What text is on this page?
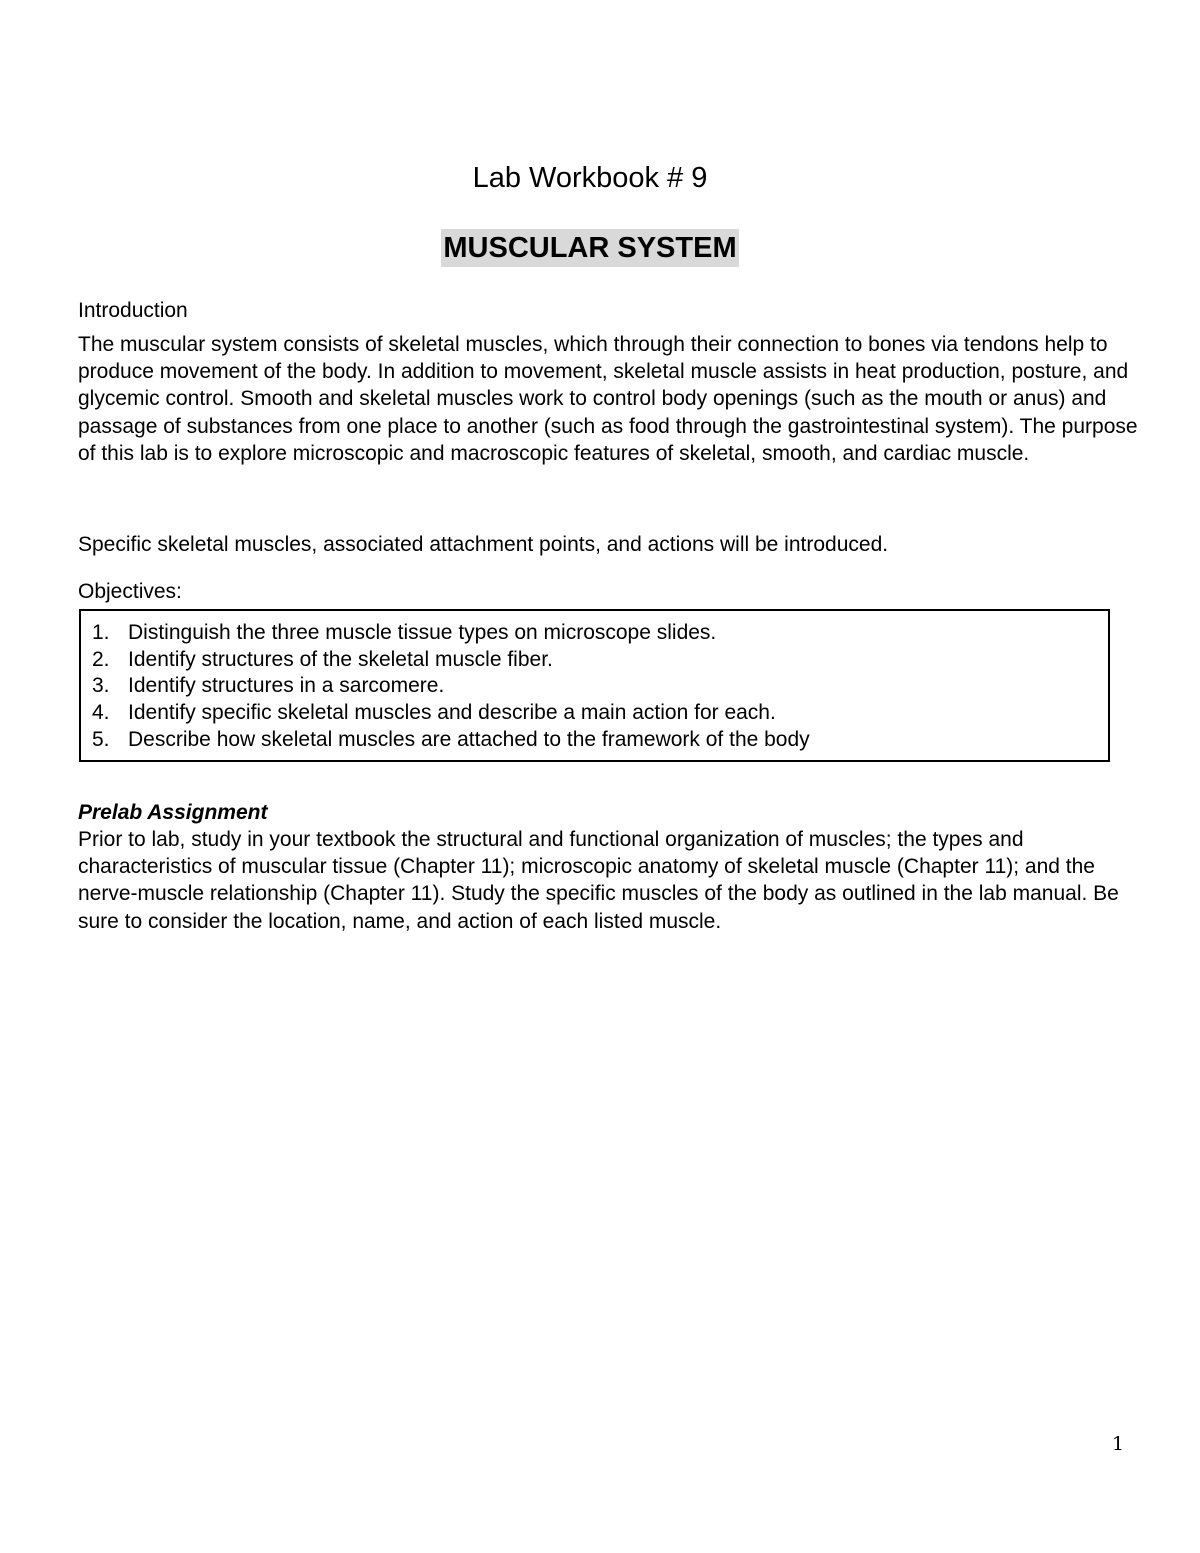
Lab Workbook # 9
MUSCULAR SYSTEM

Introduction

The muscular system consists of skeletal muscles, which through their connection to bones via tendons help to produce movement of the body. In addition to movement, skeletal muscle assists in heat production, posture, and glycemic control. Smooth and skeletal muscles work to control body openings (such as the mouth or anus) and passage of substances from one place to another (such as food through the gastrointestinal system). The purpose of this lab is to explore microscopic and macroscopic features of skeletal, smooth, and cardiac muscle.

Specific skeletal muscles, associated attachment points, and actions will be introduced.

Objectives:

1. Distinguish the three muscle tissue types on microscope slides.
2. Identify structures of the skeletal muscle fiber.
3. Identify structures in a sarcomere.
4. Identify specific skeletal muscles and describe a main action for each.
5. Describe how skeletal muscles are attached to the framework of the body

Prelab Assignment

Prior to lab, study in your textbook the structural and functional organization of muscles; the types and characteristics of muscular tissue (Chapter 11); microscopic anatomy of skeletal muscle (Chapter 11); and the nerve-muscle relationship (Chapter 11). Study the specific muscles of the body as outlined in the lab manual. Be sure to consider the location, name, and action of each listed muscle.

1
